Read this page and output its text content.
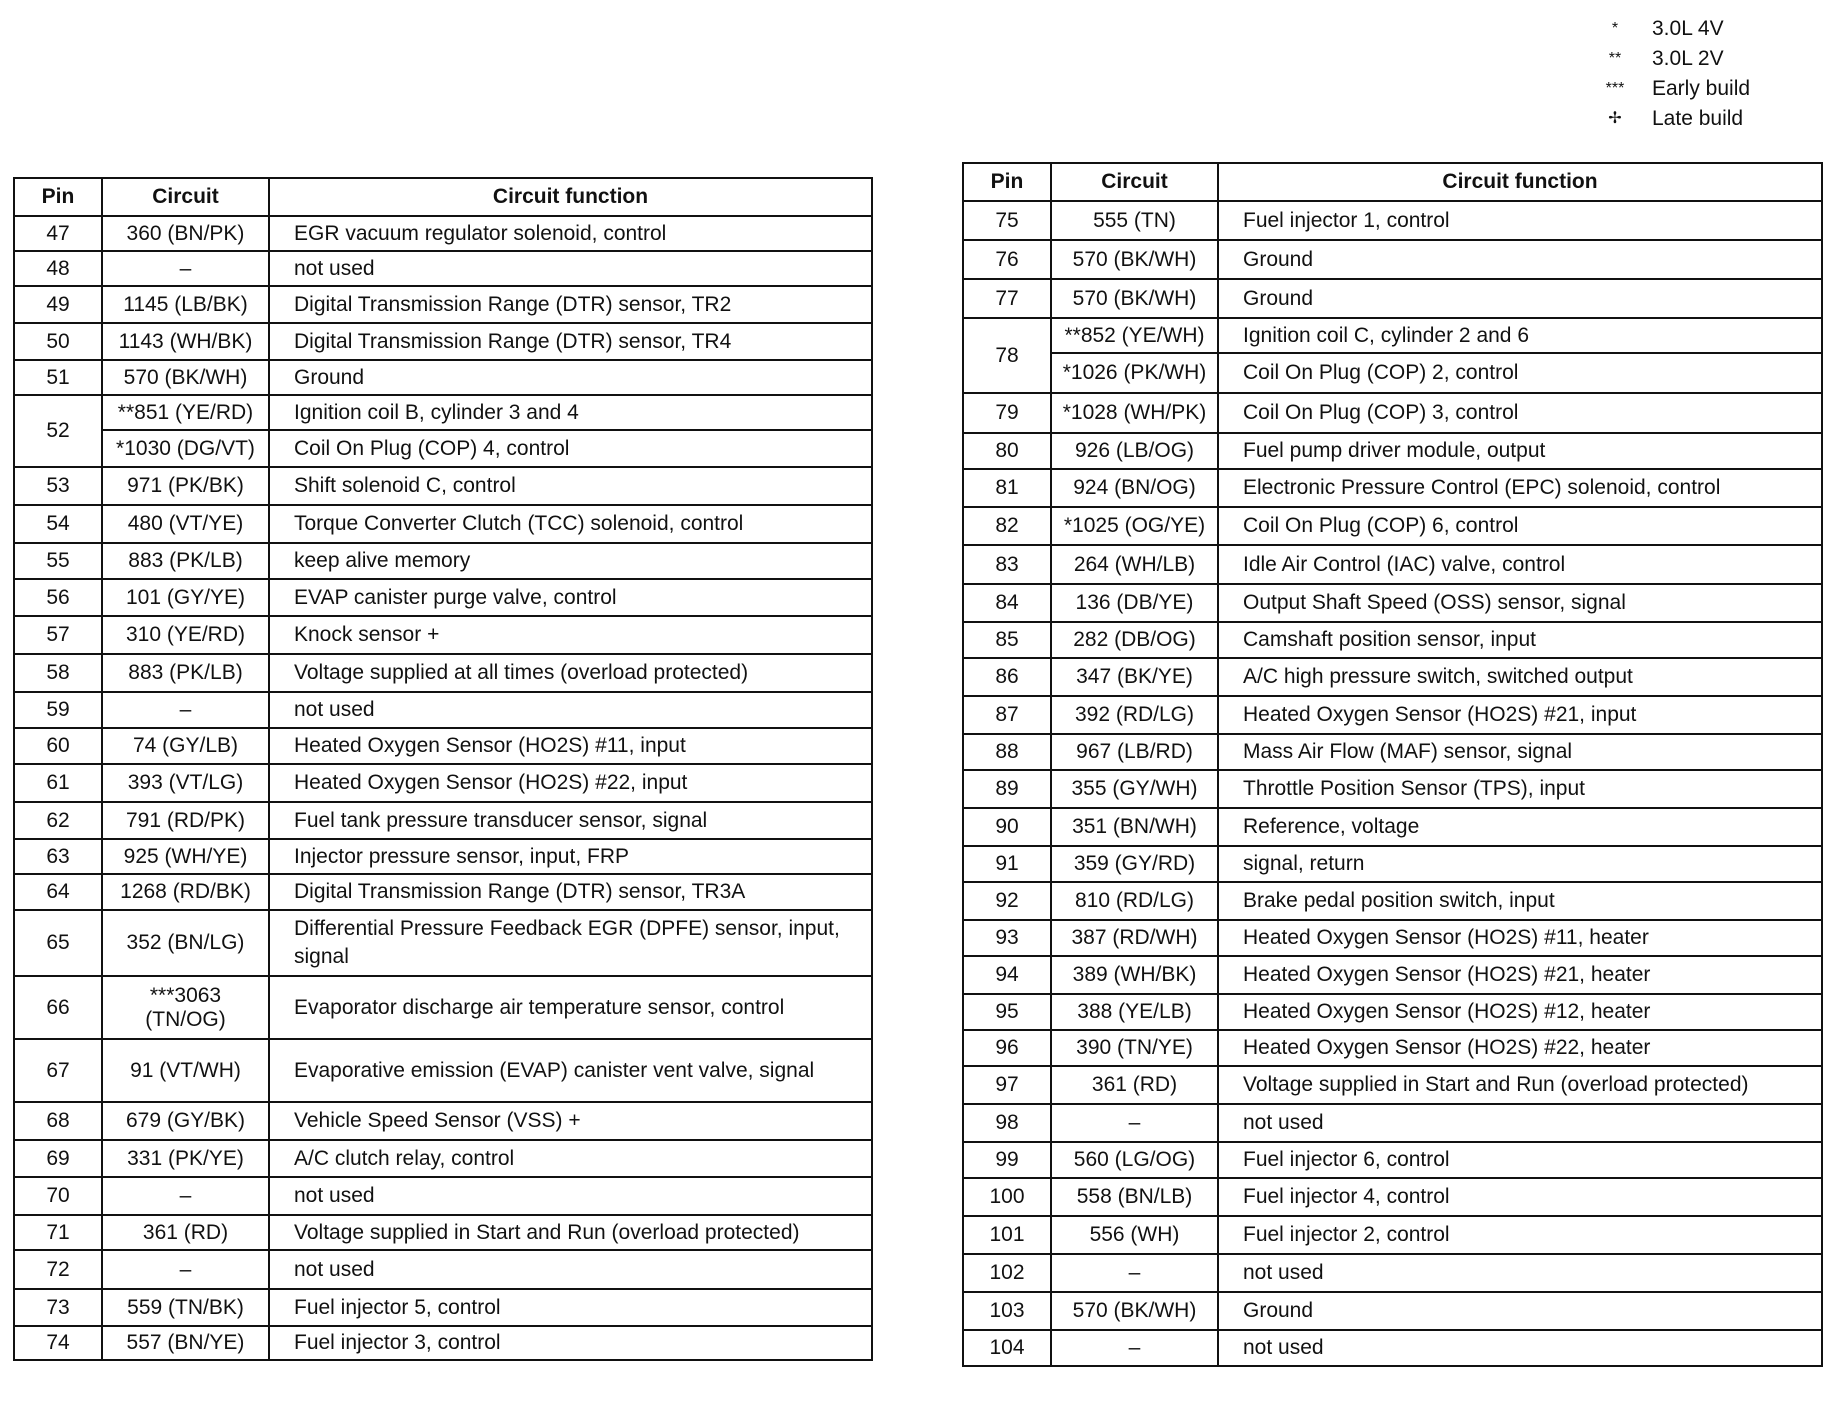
*	3.0L 4V
**	3.0L 2V
***	Early build
✢	Late build
Pin	Circuit	Circuit function
47	360 (BN/PK)	EGR vacuum regulator solenoid, control
48	–	not used
49	1145 (LB/BK)	Digital Transmission Range (DTR) sensor, TR2
50	1143 (WH/BK)	Digital Transmission Range (DTR) sensor, TR4
51	570 (BK/WH)	Ground
52	**851 (YE/RD)	Ignition coil B, cylinder 3 and 4
	*1030 (DG/VT)	Coil On Plug (COP) 4, control
53	971 (PK/BK)	Shift solenoid C, control
54	480 (VT/YE)	Torque Converter Clutch (TCC) solenoid, control
55	883 (PK/LB)	keep alive memory
56	101 (GY/YE)	EVAP canister purge valve, control
57	310 (YE/RD)	Knock sensor +
58	883 (PK/LB)	Voltage supplied at all times (overload protected)
59	–	not used
60	74 (GY/LB)	Heated Oxygen Sensor (HO2S) #11, input
61	393 (VT/LG)	Heated Oxygen Sensor (HO2S) #22, input
62	791 (RD/PK)	Fuel tank pressure transducer sensor, signal
63	925 (WH/YE)	Injector pressure sensor, input, FRP
64	1268 (RD/BK)	Digital Transmission Range (DTR) sensor, TR3A
65	352 (BN/LG)	Differential Pressure Feedback EGR (DPFE) sensor, input, signal
66	***3063 (TN/OG)	Evaporator discharge air temperature sensor, control
67	91 (VT/WH)	Evaporative emission (EVAP) canister vent valve, signal
68	679 (GY/BK)	Vehicle Speed Sensor (VSS) +
69	331 (PK/YE)	A/C clutch relay, control
70	–	not used
71	361 (RD)	Voltage supplied in Start and Run (overload protected)
72	–	not used
73	559 (TN/BK)	Fuel injector 5, control
74	557 (BN/YE)	Fuel injector 3, control
Pin	Circuit	Circuit function
75	555 (TN)	Fuel injector 1, control
76	570 (BK/WH)	Ground
77	570 (BK/WH)	Ground
78	**852 (YE/WH)	Ignition coil C, cylinder 2 and 6
	*1026 (PK/WH)	Coil On Plug (COP) 2, control
79	*1028 (WH/PK)	Coil On Plug (COP) 3, control
80	926 (LB/OG)	Fuel pump driver module, output
81	924 (BN/OG)	Electronic Pressure Control (EPC) solenoid, control
82	*1025 (OG/YE)	Coil On Plug (COP) 6, control
83	264 (WH/LB)	Idle Air Control (IAC) valve, control
84	136 (DB/YE)	Output Shaft Speed (OSS) sensor, signal
85	282 (DB/OG)	Camshaft position sensor, input
86	347 (BK/YE)	A/C high pressure switch, switched output
87	392 (RD/LG)	Heated Oxygen Sensor (HO2S) #21, input
88	967 (LB/RD)	Mass Air Flow (MAF) sensor, signal
89	355 (GY/WH)	Throttle Position Sensor (TPS), input
90	351 (BN/WH)	Reference, voltage
91	359 (GY/RD)	signal, return
92	810 (RD/LG)	Brake pedal position switch, input
93	387 (RD/WH)	Heated Oxygen Sensor (HO2S) #11, heater
94	389 (WH/BK)	Heated Oxygen Sensor (HO2S) #21, heater
95	388 (YE/LB)	Heated Oxygen Sensor (HO2S) #12, heater
96	390 (TN/YE)	Heated Oxygen Sensor (HO2S) #22, heater
97	361 (RD)	Voltage supplied in Start and Run (overload protected)
98	–	not used
99	560 (LG/OG)	Fuel injector 6, control
100	558 (BN/LB)	Fuel injector 4, control
101	556 (WH)	Fuel injector 2, control
102	–	not used
103	570 (BK/WH)	Ground
104	–	not used
